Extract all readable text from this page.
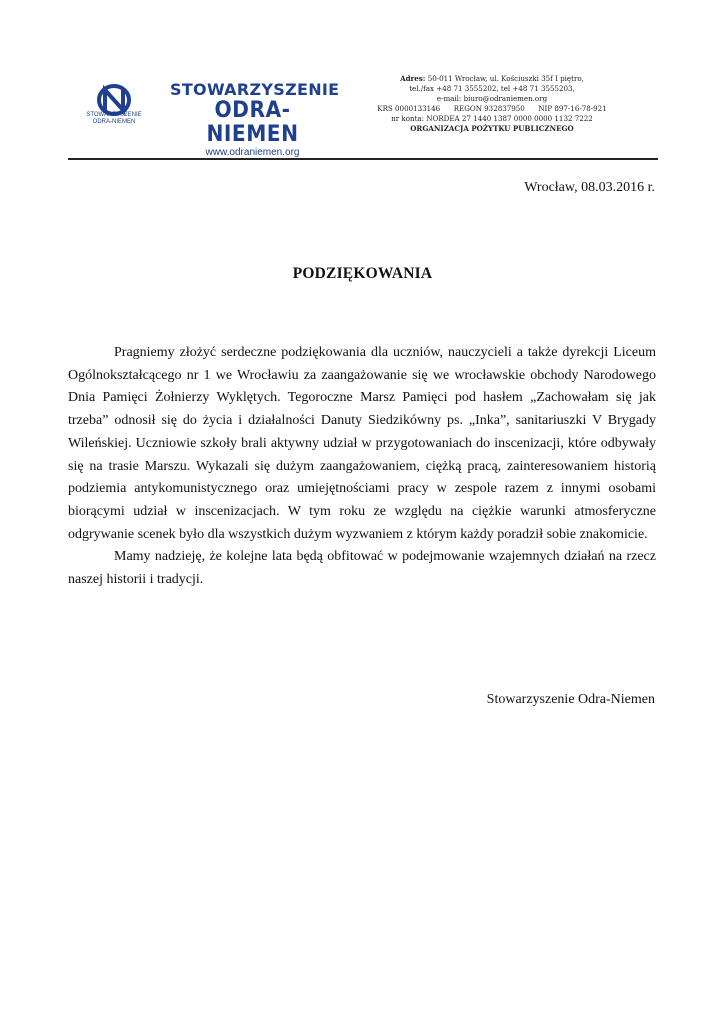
STOWARZYSZENIE
ODRA-NIEMEN
STOWARZYSZENIE
ODRA-NIEMEN
www.odraniemen.org
Adres: 50-011 Wrocław, ul. Kościuszki 35f I piętro,
tel./fax +48 71 3555202, tel +48 71 3555203,
e-mail: biuro@odraniemen.org
KRS 0000133146 REGON 932837950 NIP 897-16-78-921
nr konta: NORDEA 27 1440 1387 0000 0000 1132 7222
ORGANIZACJA POŻYTKU PUBLICZNEGO
Wrocław, 08.03.2016 r.
PODZIĘKOWANIA

Pragniemy złożyć serdeczne podziękowania dla uczniów, nauczycieli a także dyrekcji Liceum Ogólnokształcącego nr 1 we Wrocławiu za zaangażowanie się we wrocławskie obchody Narodowego Dnia Pamięci Żołnierzy Wyklętych. Tegoroczne Marsz Pamięci pod hasłem „Zachowałam się jak trzeba” odnosił się do życia i działalności Danuty Siedzikówny ps. „Inka”, sanitariuszki V Brygady Wileńskiej. Uczniowie szkoły brali aktywny udział w przygotowaniach do inscenizacji, które odbywały się na trasie Marszu. Wykazali się dużym zaangażowaniem, ciężką pracą, zainteresowaniem historią podziemia antykomunistycznego oraz umiejętnościami pracy w zespole razem z innymi osobami biorącymi udział w inscenizacjach. W tym roku ze względu na ciężkie warunki atmosferyczne odgrywanie scenek było dla wszystkich dużym wyzwaniem z którym każdy poradził sobie znakomicie.

Mamy nadzieję, że kolejne lata będą obfitować w podejmowanie wzajemnych działań na rzecz naszej historii i tradycji.

Stowarzyszenie Odra-Niemen
